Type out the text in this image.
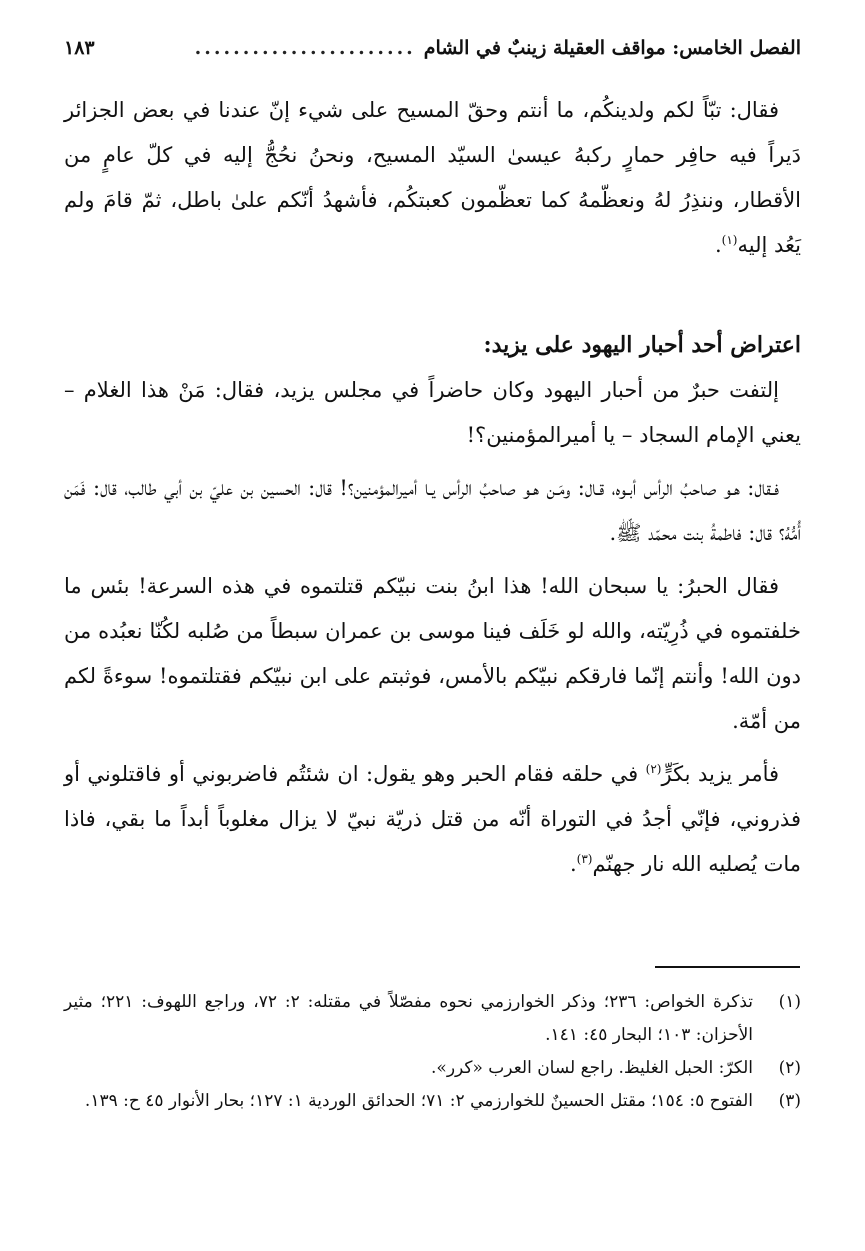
الفصل الخامس: مواقف العقيلة زينبٌ في الشام
.......................
١٨٣

فقال: تبّاً لكم ولدينكُم، ما أنتم وحقّ المسيح على شيء إنّ عندنا في بعض الجزائر دَيراً فيه حافِر حمارٍ ركبهُ عيسىٰ السيّد المسيح، ونحنُ نحُجُّ إليه في كلّ عامٍ من الأقطار، وننذِرُ لهُ ونعظّمهُ كما تعظّمون كعبتكُم، فأشهدُ أنّكم علىٰ باطل، ثمّ قامَ ولم يَعُد إليه$^{(١)}$.

اعتراض أحد أحبار اليهود على يزيد:

إلتفت حبرٌ من أحبار اليهود وكان حاضراً في مجلس يزيد، فقال: مَنْ هذا الغلام – يعني الإمام السجاد – يا أميرالمؤمنين؟!

فـقال: هـو صاحبُ الرأس أبـوه، قـال: ومَـن هـو صاحبُ الرأس يـا أميرالمؤمنين؟! قال: الحسين بن عليّ بن أبي طالب، قال: فَمَن أُمُّهُ؟ قال: فاطمةُ بنت محمّد ﷺ.

فقال الحبرُ: يا سبحان الله! هذا ابنُ بنت نبيّكم قتلتموه في هذه السرعة! بئس ما خلفتموه في ذُرِيّته، والله لو خَلَف فينا موسى بن عمران سبطاً من صُلبه لكُنّا نعبُده من دون الله! وأنتم إنّما فارقكم نبيّكم بالأمس، فوثبتم على ابن نبيّكم فقتلتموه! سوءةً لكم من أمّة.

فأمر يزيد بكَرٍّ$^{(٢)}$ في حلقه فقام الحبر وهو يقول: ان شئتُم فاضربوني أو فاقتلوني أو فذروني، فإنّي أجدُ في التوراة أنّه من قتل ذريّة نبيّ لا يزال مغلوباً أبداً ما بقي، فاذا مات يُصليه الله نار جهنّم$^{(٣)}$.

(١)
تذكرة الخواص: ٢٣٦؛ وذكر الخوارزمي نحوه مفصّلاً في مقتله: ٢: ٧٢، وراجع اللهوف: ٢٢١؛ مثير الأحزان: ١٠٣؛ البحار ٤٥: ١٤١.

(٢)
الكرّ: الحبل الغليظ. راجع لسان العرب «كرر».

(٣)
الفتوح ٥: ١٥٤؛ مقتل الحسينٌ للخوارزمي ٢: ٧١؛ الحدائق الوردية ١: ١٢٧؛ بحار الأنوار ٤٥ ح: ١٣٩.
